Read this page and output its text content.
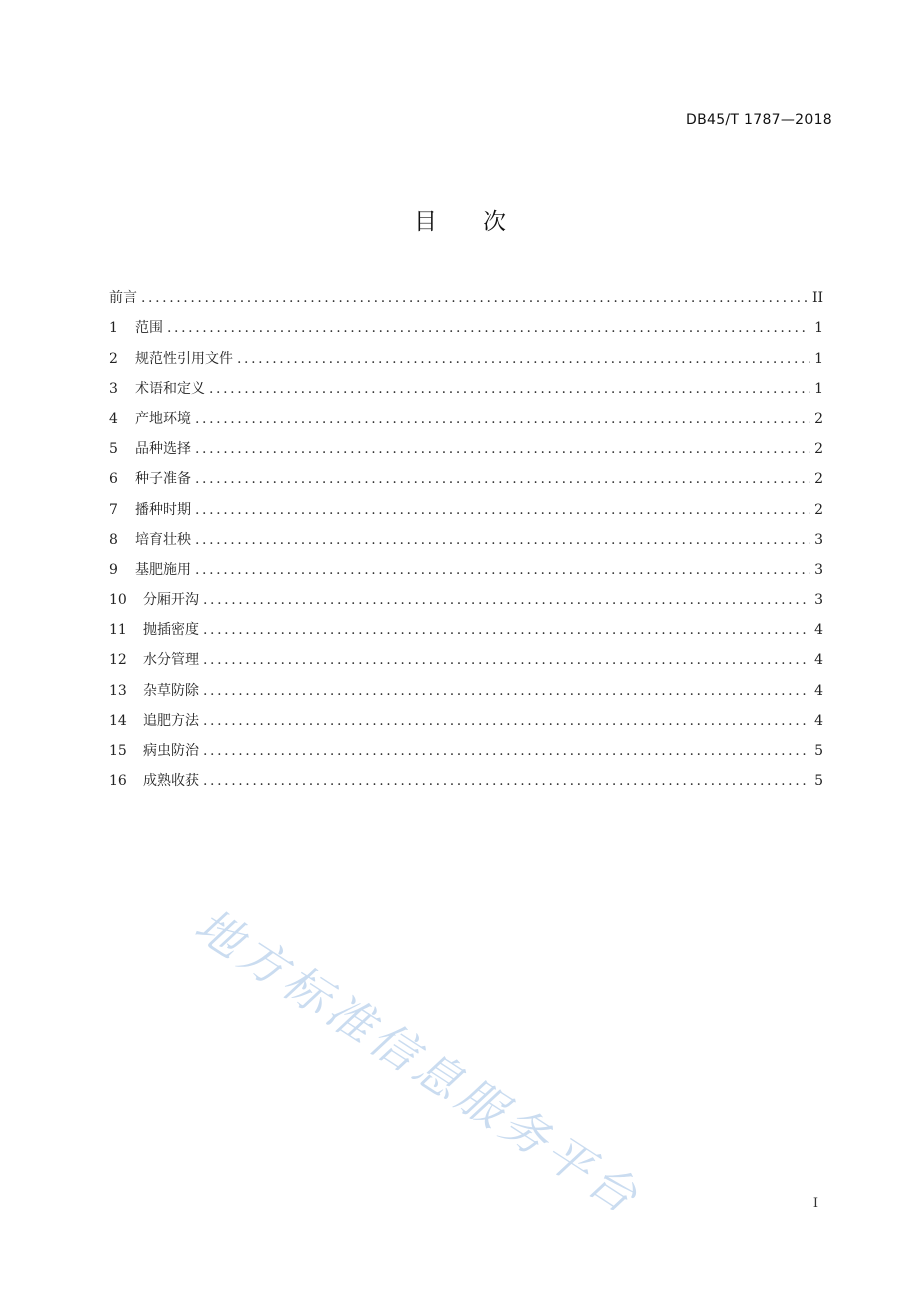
DB45/T 1787—2018
目次
前言 .....	II
1	范围 .....	1
2	规范性引用文件 .....	1
3	术语和定义 .....	1
4	产地环境 .....	2
5	品种选择 .....	2
6	种子准备 .....	2
7	播种时期 .....	2
8	培育壮秧 .....	3
9	基肥施用 .....	3
10	分厢开沟 .....	3
11	抛插密度 .....	4
12	水分管理 .....	4
13	杂草防除 .....	4
14	追肥方法 .....	4
15	病虫防治 .....	5
16	成熟收获 .....	5
地方标准信息服务平台	I
